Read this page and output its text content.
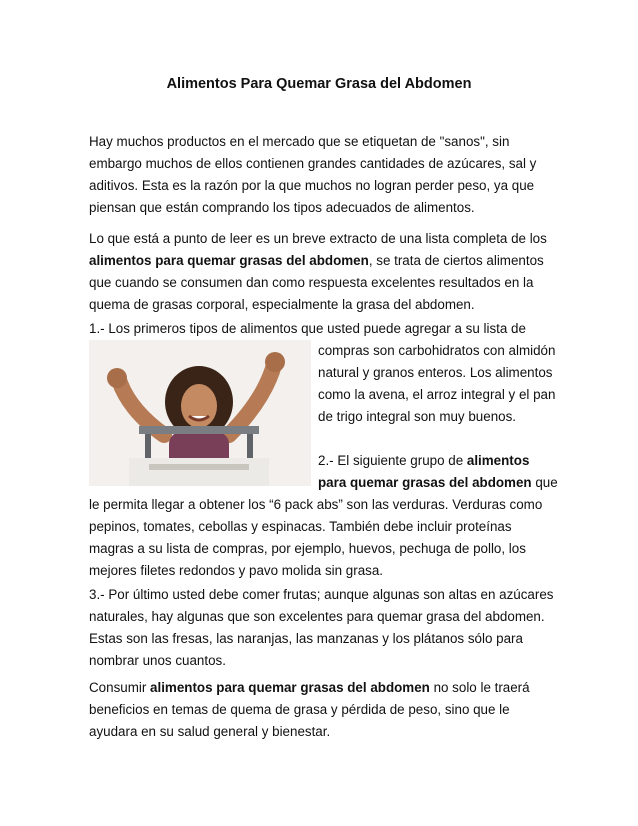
Alimentos Para Quemar Grasa del Abdomen

Hay muchos productos en el mercado que se etiquetan de "sanos", sin embargo muchos de ellos contienen grandes cantidades de azúcares, sal y aditivos. Esta es la razón por la que muchos no logran perder peso, ya que piensan que están comprando los tipos adecuados de alimentos.

Lo que está a punto de leer es un breve extracto de una lista completa de los alimentos para quemar grasas del abdomen, se trata de ciertos alimentos que cuando se consumen dan como respuesta excelentes resultados en la quema de grasas corporal, especialmente la grasa del abdomen.

1.- Los primeros tipos de alimentos que usted puede agregar a su lista de

compras son carbohidratos con almidón natural y granos enteros. Los alimentos como la avena, el arroz integral y el pan de trigo integral son muy buenos.

2.- El siguiente grupo de alimentos para quemar grasas del abdomen que

le permita llegar a obtener los “6 pack abs” son las verduras. Verduras como pepinos, tomates, cebollas y espinacas. También debe incluir proteínas magras a su lista de compras, por ejemplo, huevos, pechuga de pollo, los mejores filetes redondos y pavo molida sin grasa.

3.- Por último usted debe comer frutas; aunque algunas son altas en azúcares naturales, hay algunas que son excelentes para quemar grasa del abdomen. Estas son las fresas, las naranjas, las manzanas y los plátanos sólo para nombrar unos cuantos.

Consumir alimentos para quemar grasas del abdomen no solo le traerá beneficios en temas de quema de grasa y pérdida de peso, sino que le ayudara en su salud general y bienestar.
